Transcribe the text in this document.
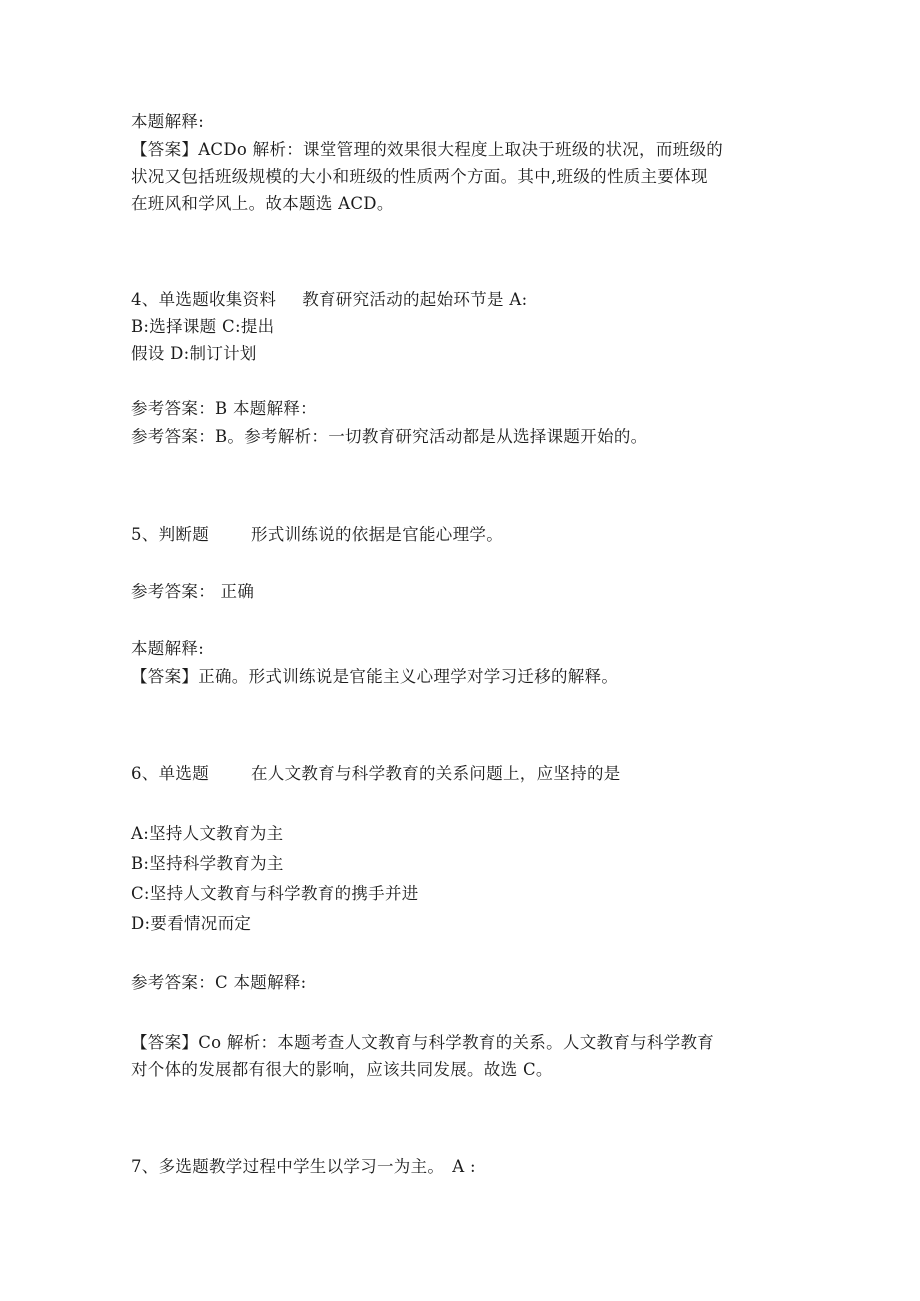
本题解释:
【答案】ACDo 解析：课堂管理的效果很大程度上取决于班级的状况，而班级的
状况又包括班级规模的大小和班级的性质两个方面。其中,班级的性质主要体现
在班风和学风上。故本题选 ACD。
4、单选题收集资料 教育研究活动的起始环节是 A:
B:选择课题 C:提出
假设 D:制订计划
参考答案：B 本题解释：
参考答案：B。参考解析：一切教育研究活动都是从选择课题开始的。
5、判断题	形式训练说的依据是官能心理学。
参考答案： 正确
本题解释:
【答案】正确。形式训练说是官能主义心理学对学习迁移的解释。
6、单选题	在人文教育与科学教育的关系问题上，应坚持的是
A:坚持人文教育为主
B:坚持科学教育为主
C:坚持人文教育与科学教育的携手并进
D:要看情况而定
参考答案：C 本题解释:
【答案】Co 解析：本题考查人文教育与科学教育的关系。人文教育与科学教育
对个体的发展都有很大的影响，应该共同发展。故选 C。
7、多选题教学过程中学生以学习一为主。 A :
